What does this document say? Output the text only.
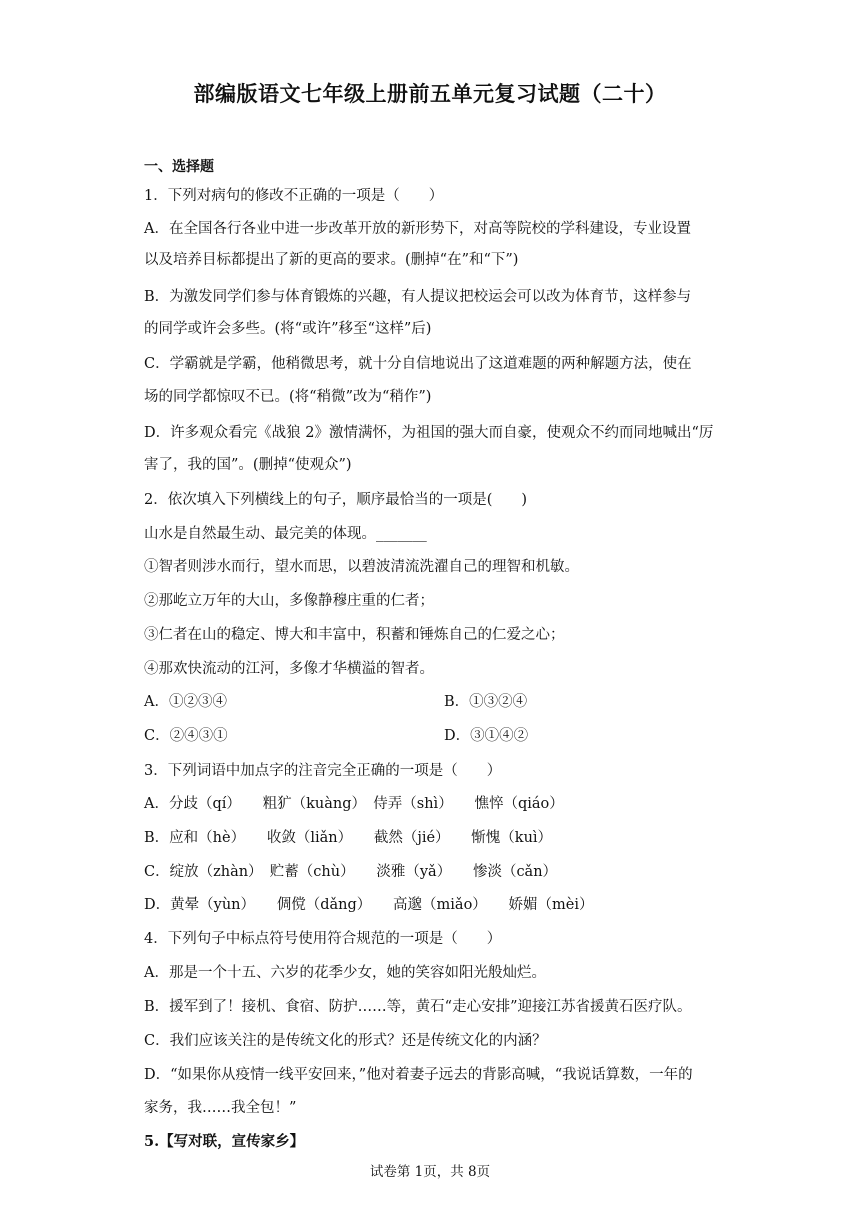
部编版语文七年级上册前五单元复习试题（二十）
一、选择题
1．下列对病句的修改不正确的一项是（　　）
A．在全国各行各业中进一步改革开放的新形势下，对高等院校的学科建设，专业设置
以及培养目标都提出了新的更高的要求。(删掉“在”和“下”)
B．为激发同学们参与体育锻炼的兴趣，有人提议把校运会可以改为体育节，这样参与
的同学或许会多些。(将“或许”移至“这样”后)
C．学霸就是学霸，他稍微思考，就十分自信地说出了这道难题的两种解题方法，使在
场的同学都惊叹不已。(将“稍微”改为“稍作”)
D．许多观众看完《战狼 2》激情满怀，为祖国的强大而自豪，使观众不约而同地喊出“厉
害了，我的国”。(删掉“使观众”)
2．依次填入下列横线上的句子，顺序最恰当的一项是(　　)
山水是自然最生动、最完美的体现。_______
①智者则涉水而行，望水而思，以碧波清流洗濯自己的理智和机敏。
②那屹立万年的大山，多像静穆庄重的仁者；
③仁者在山的稳定、博大和丰富中，积蓄和锤炼自己的仁爱之心；
④那欢快流动的江河，多像才华横溢的智者。
A．①②③④	B．①③②④
C．②④③①	D．③①④②
3．下列词语中加点字的注音完全正确的一项是（　　）
A．分歧（qí）　　粗犷（kuàng）　侍弄（shì）　　憔悴（qiáo）
B．应和（hè）　　收敛（liǎn）　　截然（jié）　　惭愧（kuì）
C．绽放（zhàn）　贮蓄（chù）　　淡雅（yǎ）　　惨淡（cǎn）
D．黄晕（yùn）　　倜傥（dǎng）　　高邈（miǎo）　　娇媚（mèi）
4．下列句子中标点符号使用符合规范的一项是（　　）
A．那是一个十五、六岁的花季少女，她的笑容如阳光般灿烂。
B．援军到了！接机、食宿、防护……等，黄石“走心安排”迎接江苏省援黄石医疗队。
C．我们应该关注的是传统文化的形式？还是传统文化的内涵？
D．“如果你从疫情一线平安回来，”他对着妻子远去的背影高喊，“我说话算数，一年的
家务，我……我全包！”
5.【写对联，宣传家乡】
试卷第 1页，共 8页
